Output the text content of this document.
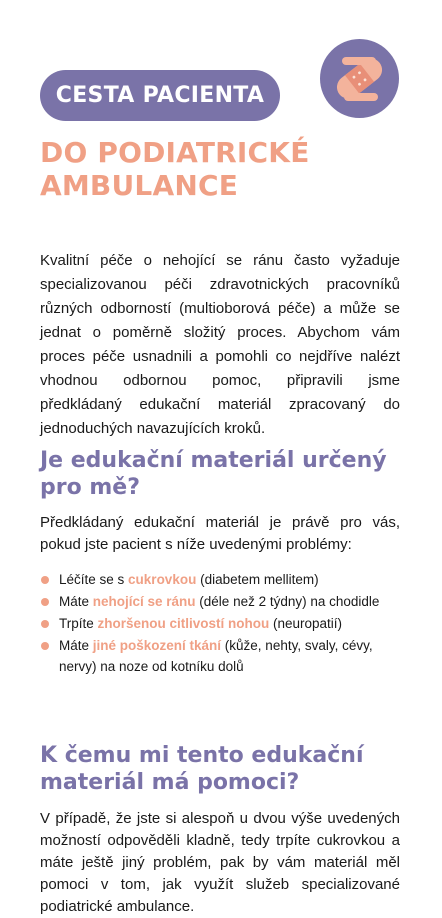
CESTA PACIENTA
DO PODIATRICKÉ
AMBULANCE
Kvalitní péče o nehojící se ránu často vyžaduje specializovanou péči zdravotnických pracovníků různých odborností (multioborová péče) a může se jednat o poměrně složitý proces. Abychom vám proces péče usnadnili a pomohli co nejdříve nalézt vhodnou odbornou pomoc, připravili jsme předkládaný edukační materiál zpracovaný do jednoduchých navazujících kroků.
Je edukační materiál určený
pro mě?
Předkládaný edukační materiál je právě pro vás, pokud jste pacient s níže uvedenými problémy:
Léčíte se s cukrovkou (diabetem mellitem)
Máte nehojící se ránu (déle než 2 týdny) na chodidle
Trpíte zhoršenou citlivostí nohou (neuropatií)
Máte jiné poškození tkání (kůže, nehty, svaly, cévy, nervy) na noze od kotníku dolů
K čemu mi tento edukační
materiál má pomoci?
V případě, že jste si alespoň u dvou výše uvedených možností odpověděli kladně, tedy trpíte cukrovkou a máte ještě jiný problém, pak by vám materiál měl pomoci v tom, jak využít služeb specializované podiatrické ambulance.
